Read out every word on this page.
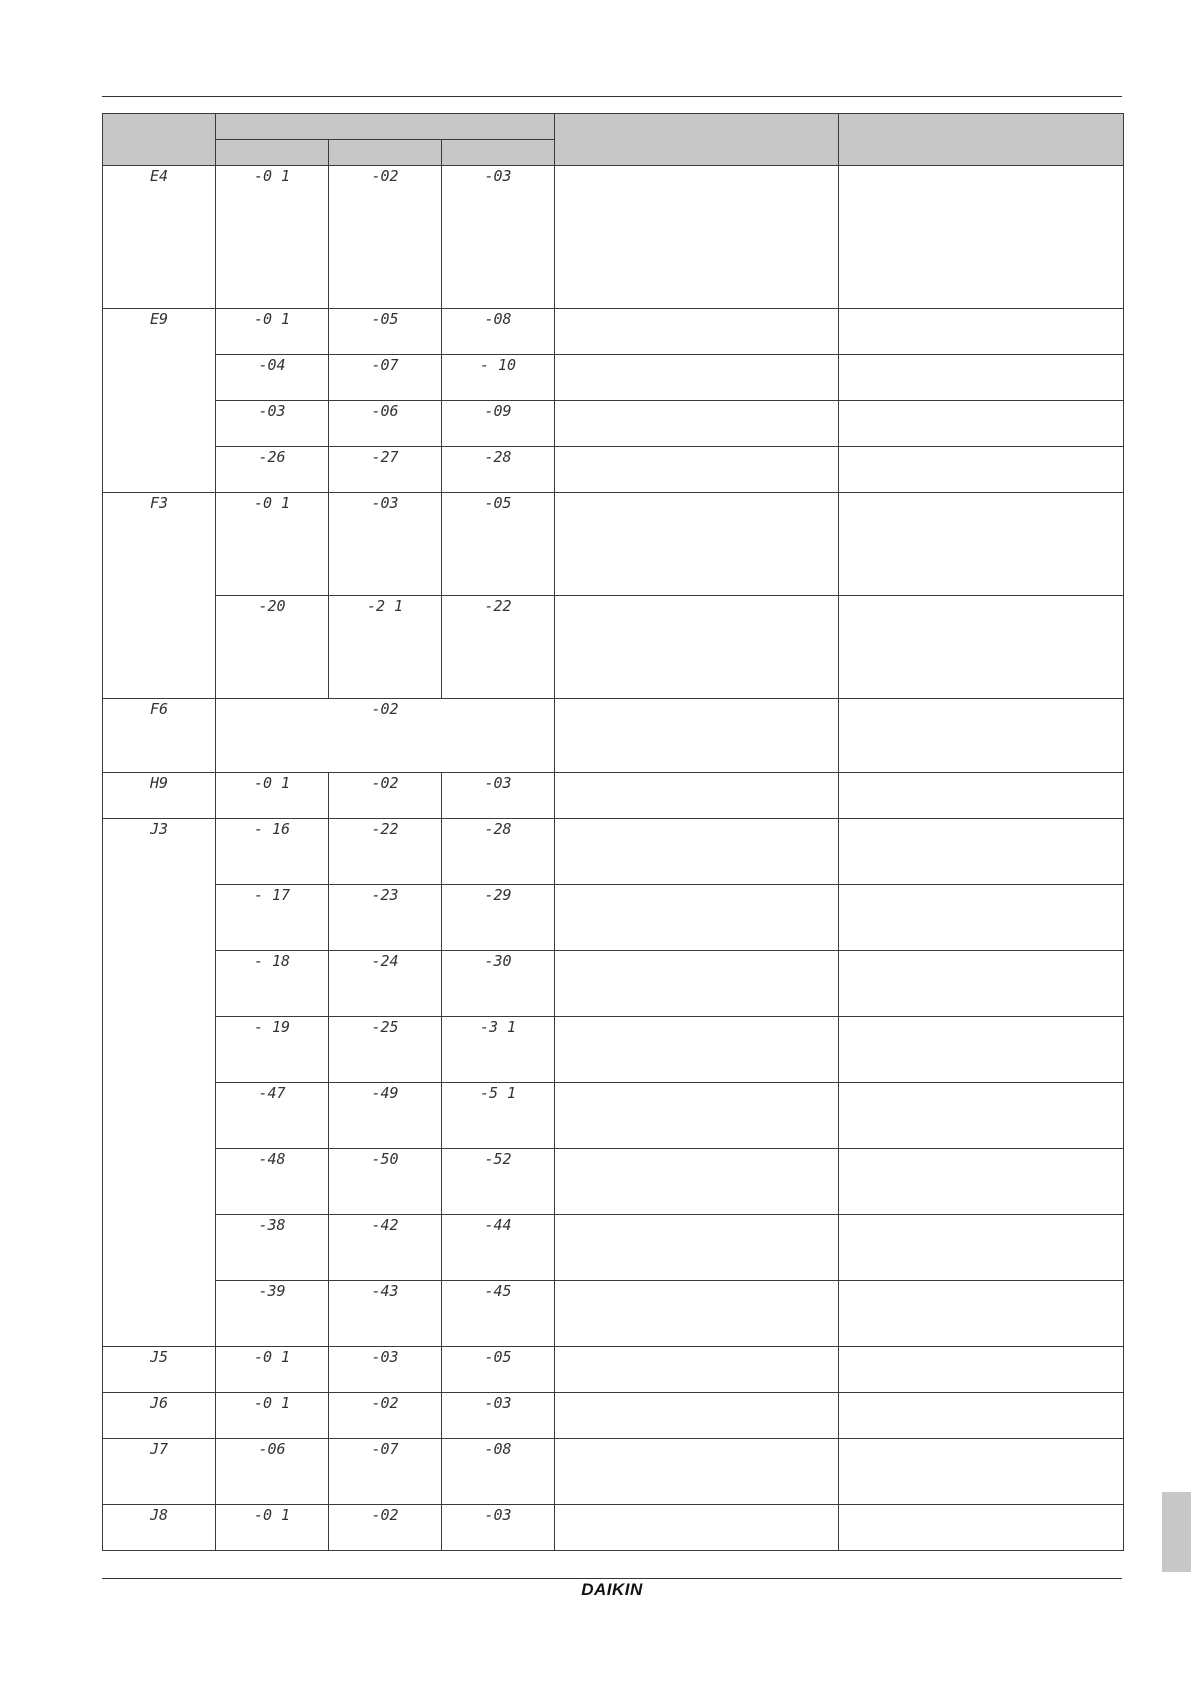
E4	-0 1	-02	-03		
E9	-0 1	-05	-08		
	-04	-07	- 10		
	-03	-06	-09		
	-26	-27	-28		
F3	-0 1	-03	-05		
	-20	-2 1	-22		
F6	-02				
H9	-0 1	-02	-03		
J3	- 16	-22	-28		
	- 17	-23	-29		
	- 18	-24	-30		
	- 19	-25	-3 1		
	-47	-49	-5 1		
	-48	-50	-52		
	-38	-42	-44		
	-39	-43	-45		
J5	-0 1	-03	-05		
J6	-0 1	-02	-03		
J7	-06	-07	-08		
J8	-0 1	-02	-03		
DAIKIN
